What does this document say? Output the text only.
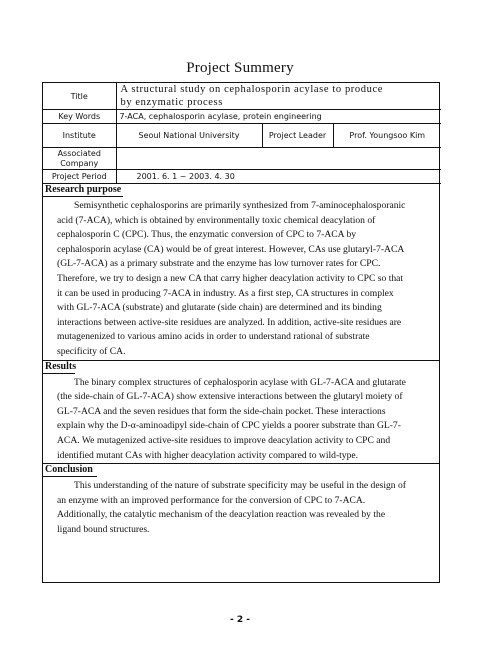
Project Summery
Title	A structural study on cephalosporin acylase to produce
by enzymatic process		

Key Words	7-ACA, cephalosporin acylase, protein engineering		
Institute	Seoul National University	Project Leader	Prof. Youngsoo Kim
Associated Company			
Project Period	2001. 6. 1 ~ 2003. 4. 30		
Research purpose

Semisynthetic cephalosporins are primarily synthesized from 7-aminocephalosporanic acid (7-ACA), which is obtained by environmentally toxic chemical deacylation of cephalosporin C (CPC). Thus, the enzymatic conversion of CPC to 7-ACA by cephalosporin acylase (CA) would be of great interest. However, CAs use glutaryl-7-ACA (GL-7-ACA) as a primary substrate and the enzyme has low turnover rates for CPC. Therefore, we try to design a new CA that carry higher deacylation activity to CPC so that it can be used in producing 7-ACA in industry. As a first step, CA structures in complex with GL-7-ACA (substrate) and glutarate (side chain) are determined and its binding interactions between active-site residues are analyzed. In addition, active-site residues are mutagenenized to various amino acids in order to understand rational of substrate specificity of CA.

Results

The binary complex structures of cephalosporin acylase with GL-7-ACA and glutarate (the side-chain of GL-7-ACA) show extensive interactions between the glutaryl moiety of GL-7-ACA and the seven residues that form the side-chain pocket. These interactions explain why the D-α-aminoadipyl side-chain of CPC yields a poorer substrate than GL-7-ACA. We mutagenized active-site residues to improve deacylation activity to CPC and identified mutant CAs with higher deacylation activity compared to wild-type.

Conclusion

This understanding of the nature of substrate specificity may be useful in the design of an enzyme with an improved performance for the conversion of CPC to 7-ACA. Additionally, the catalytic mechanism of the deacylation reaction was revealed by the ligand bound structures.

- 2 -
